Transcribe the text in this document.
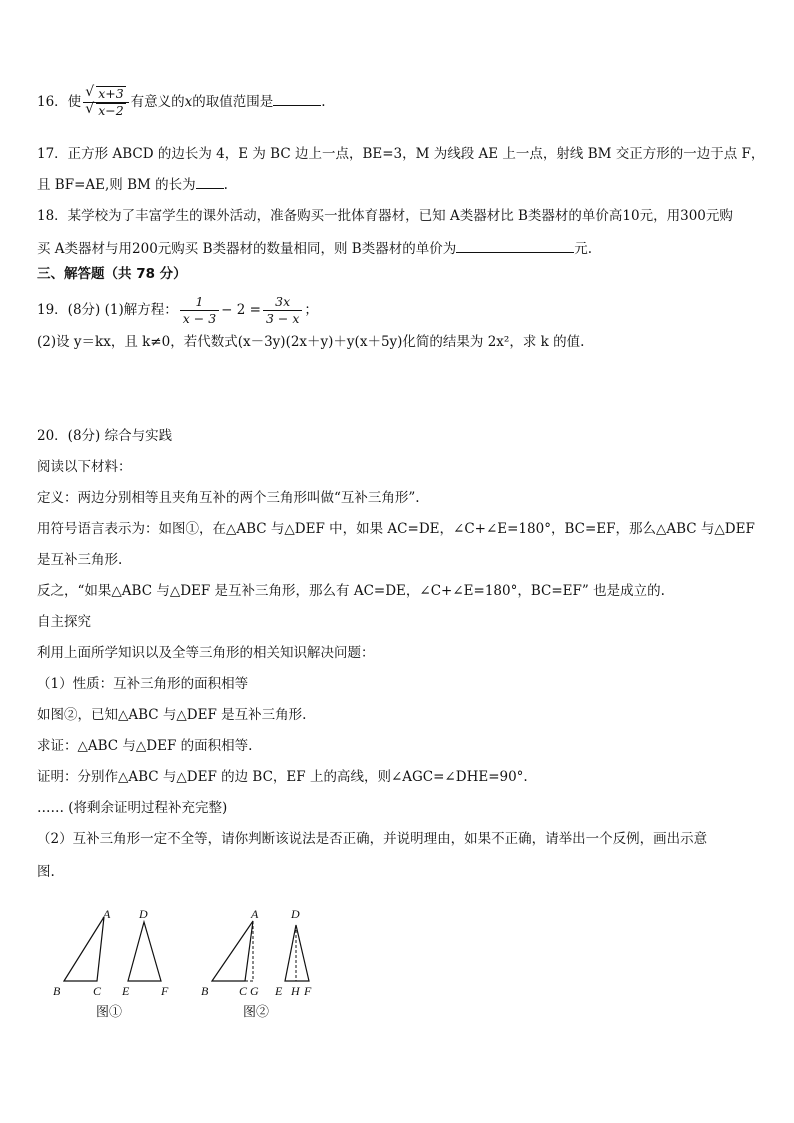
16．使
√ x+3
√ x−2 有意义的x的取值范围是	.
17．正方形 ABCD 的边长为 4，E 为 BC 边上一点，BE=3，M 为线段 AE 上一点，射线 BM 交正方形的一边于点 F，
且 BF=AE,则 BM 的长为 .
18．某学校为了丰富学生的课外活动，准备购买一批体育器材，已知 A类器材比 B类器材的单价高10元，用300元购
买 A类器材与用200元购买 B类器材的数量相同，则 B类器材的单价为	元.
三、解答题（共 78 分）
19．(8分) (1)解方程： $\frac{1}{x - 3} - 2 = \frac{3x}{3 - x}$ ；
(2)设 y＝kx，且 k≠0，若代数式(x－3y)(2x＋y)＋y(x＋5y)化简的结果为 2x²，求 k 的值.
20．(8分) 综合与实践
阅读以下材料：
定义：两边分别相等且夹角互补的两个三角形叫做“互补三角形”.
用符号语言表示为：如图①，在△ABC 与△DEF 中，如果 AC=DE，∠C+∠E=180°，BC=EF，那么△ABC 与△DEF
是互补三角形.
反之，“如果△ABC 与△DEF 是互补三角形，那么有 AC=DE，∠C+∠E=180°，BC=EF” 也是成立的.
自主探究
利用上面所学知识以及全等三角形的相关知识解决问题：
（1）性质：互补三角形的面积相等
如图②，已知△ABC 与△DEF 是互补三角形.
求证：△ABC 与△DEF 的面积相等.
证明：分别作△ABC 与△DEF 的边 BC，EF 上的高线，则∠AGC=∠DHE=90°.
…… (将剩余证明过程补充完整)
（2）互补三角形一定不全等，请你判断该说法是否正确，并说明理由，如果不正确，请举出一个反例，画出示意
图.
A
B	C
D
E	F
图①
A
B	C G
D
E H F
图②
